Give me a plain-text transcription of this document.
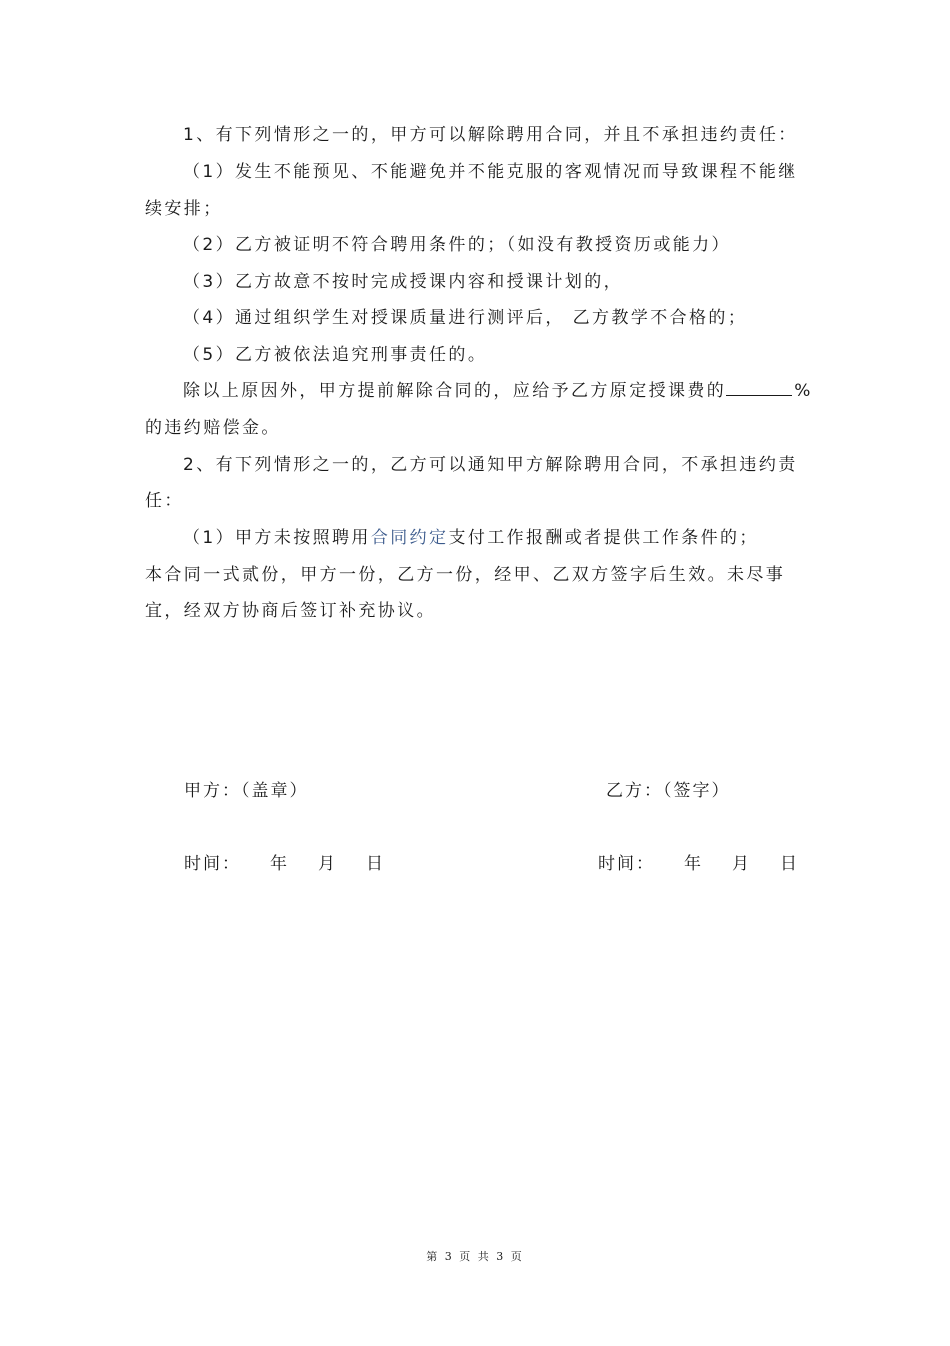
1、有下列情形之一的，甲方可以解除聘用合同，并且不承担违约责任：
（1）发生不能预见、不能避免并不能克服的客观情况而导致课程不能继
续安排；
（2）乙方被证明不符合聘用条件的；（如没有教授资历或能力）
（3）乙方故意不按时完成授课内容和授课计划的，
（4）通过组织学生对授课质量进行测评后， 乙方教学不合格的；
（5）乙方被依法追究刑事责任的。
除以上原因外，甲方提前解除合同的，应给予乙方原定授课费的	%
的违约赔偿金。
2、有下列情形之一的，乙方可以通知甲方解除聘用合同，不承担违约责
任：
（1）甲方未按照聘用合同约定支付工作报酬或者提供工作条件的；
本合同一式贰份，甲方一份，乙方一份，经甲、乙双方签字后生效。未尽事
宜，经双方协商后签订补充协议。
甲方：（盖章）	乙方：（签字）
时间： 年 月 日	时间： 年 月 日
第 3 页 共 3 页
